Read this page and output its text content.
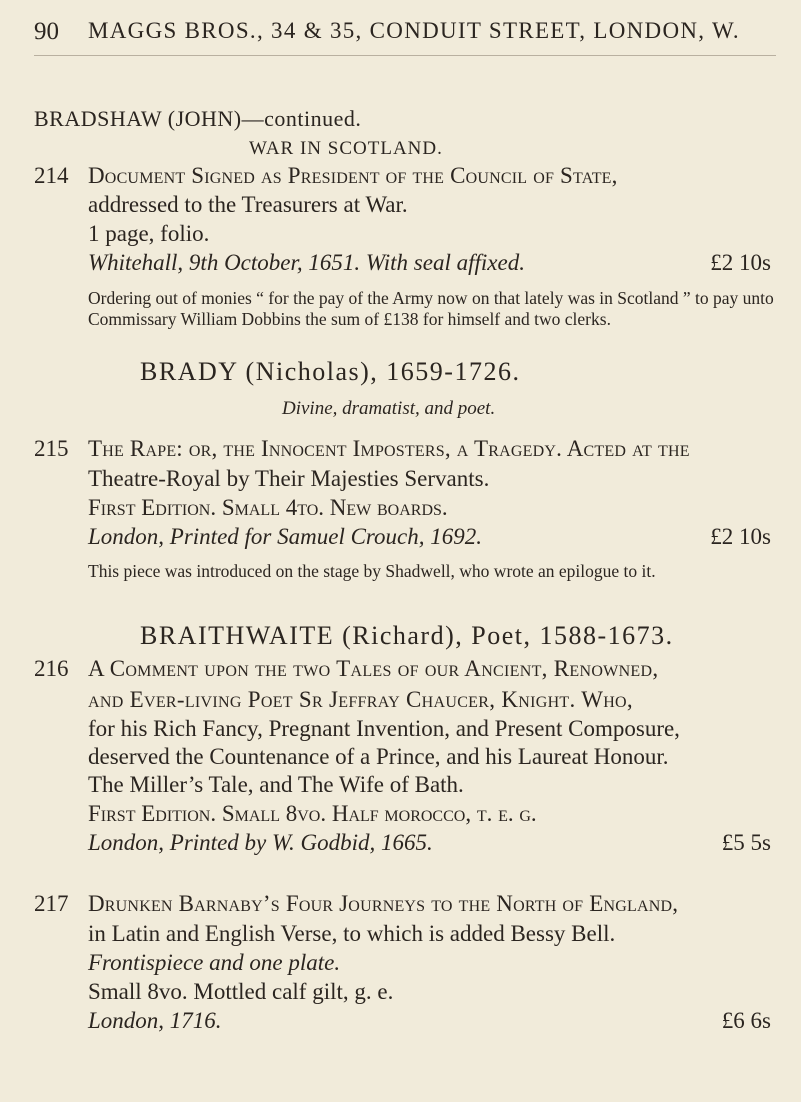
90 MAGGS BROS., 34 & 35, CONDUIT STREET, LONDON, W.
BRADSHAW (JOHN)—continued.
WAR IN SCOTLAND.
214 Document Signed as President of the Council of State,
addressed to the Treasurers at War.
1 page, folio.
Whitehall, 9th October, 1651. With seal affixed.	£2 10s
Ordering out of monies “ for the pay of the Army now on that lately was in Scotland ” to pay unto Commissary William Dobbins the sum of £138 for himself and two clerks.
BRADY (Nicholas), 1659-1726.
Divine, dramatist, and poet.
215 The Rape: or, the Innocent Imposters, a Tragedy. Acted at the
Theatre-Royal by Their Majesties Servants.
First Edition. Small 4to. New boards.
London, Printed for Samuel Crouch, 1692.	£2 10s
This piece was introduced on the stage by Shadwell, who wrote an epilogue to it.
BRAITHWAITE (Richard), Poet, 1588-1673.
216 A Comment upon the two Tales of our Ancient, Renowned,
and Ever-living Poet Sr Jeffray Chaucer, Knight. Who,
for his Rich Fancy, Pregnant Invention, and Present Composure,
deserved the Countenance of a Prince, and his Laureat Honour.
The Miller’s Tale, and The Wife of Bath.
First Edition. Small 8vo. Half morocco, t. e. g.
London, Printed by W. Godbid, 1665.	£5 5s
217 Drunken Barnaby’s Four Journeys to the North of England,
in Latin and English Verse, to which is added Bessy Bell.
Frontispiece and one plate.
Small 8vo. Mottled calf gilt, g. e.
London, 1716.	£6 6s
